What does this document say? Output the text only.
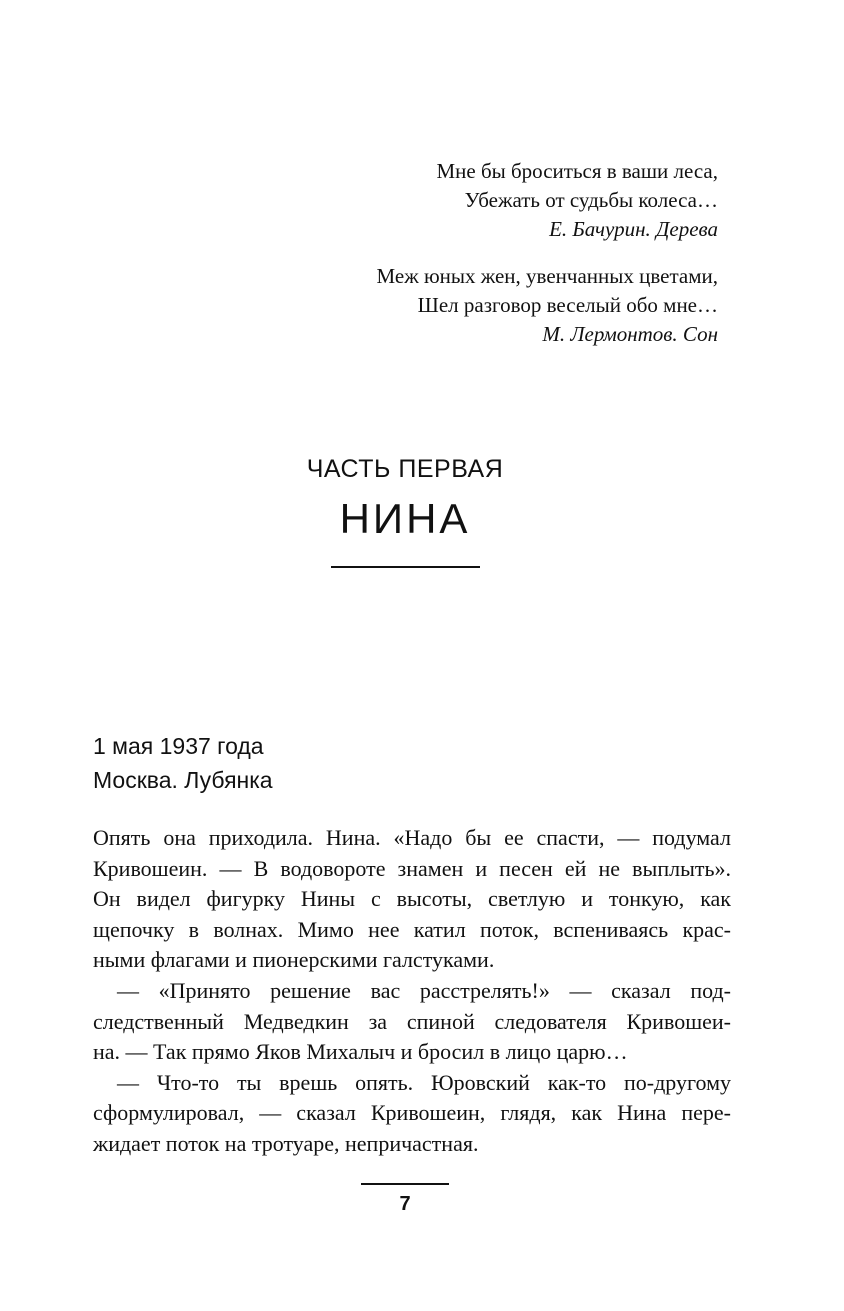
Мне бы броситься в ваши леса,
Убежать от судьбы колеса…
Е. Бачурин. Дерева
Меж юных жен, увенчанных цветами,
Шел разговор веселый обо мне…
М. Лермонтов. Сон
ЧАСТЬ ПЕРВАЯ
НИНА
1 мая 1937 года
Москва. Лубянка
Опять она приходила. Нина. «Надо бы ее спасти, — подумал
Кривошеин. — В водовороте знамен и песен ей не выплыть».
Он видел фигурку Нины с высоты, светлую и тонкую, как
щепочку в волнах. Мимо нее катил поток, вспениваясь крас-
ными флагами и пионерскими галстуками.
— «Принято решение вас расстрелять!» — сказал под-
следственный Медведкин за спиной следователя Кривошеи-
на. — Так прямо Яков Михалыч и бросил в лицо царю…
— Что-то ты врешь опять. Юровский как-то по-другому
сформулировал, — сказал Кривошеин, глядя, как Нина пере-
жидает поток на тротуаре, непричастная.
7
